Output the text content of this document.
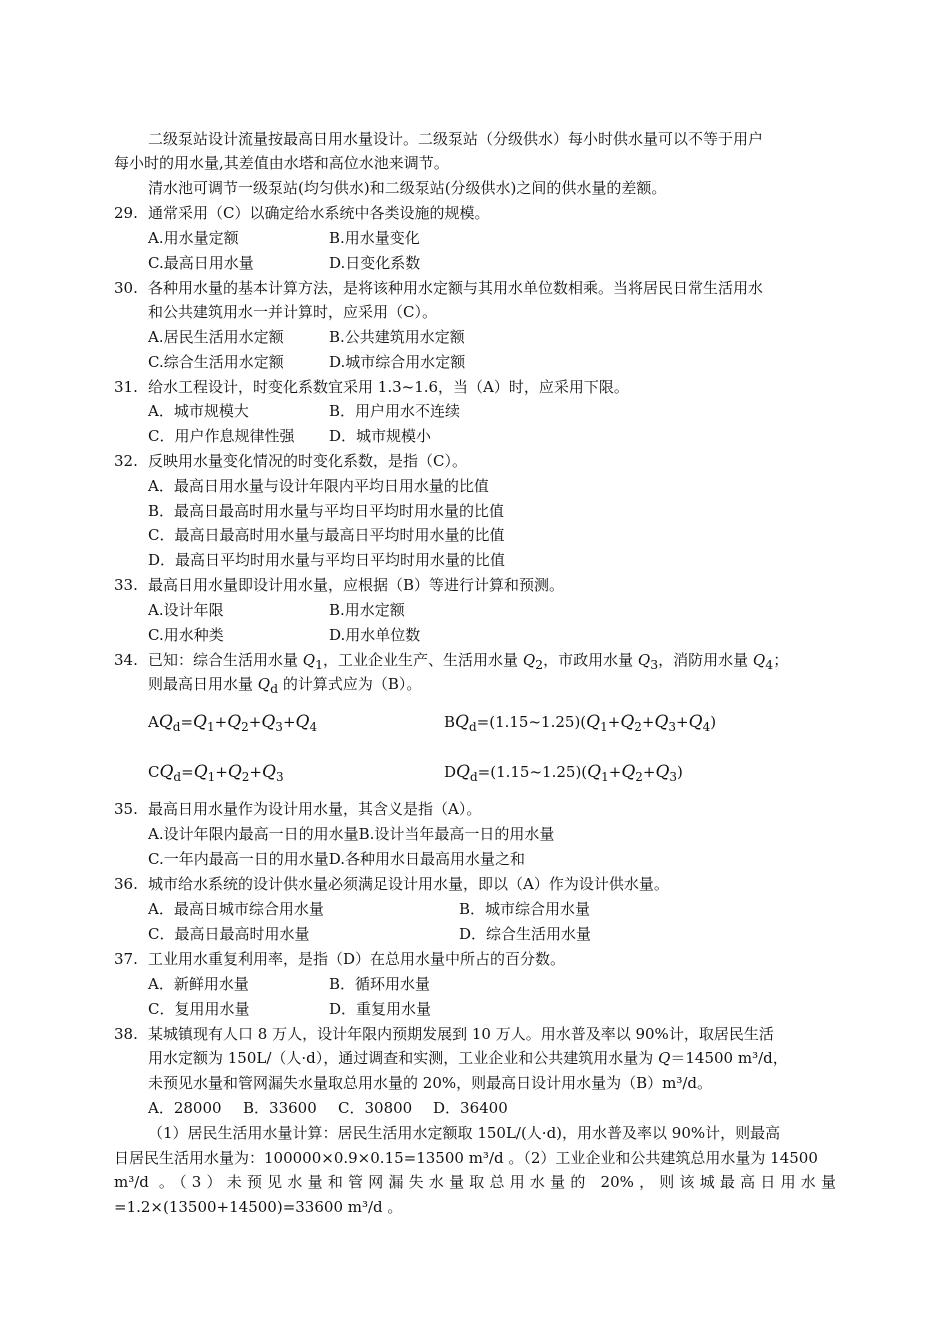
二级泵站设计流量按最高日用水量设计。二级泵站（分级供水）每小时供水量可以不等于用户
每小时的用水量,其差值由水塔和高位水池来调节。
清水池可调节一级泵站(均匀供水)和二级泵站(分级供水)之间的供水量的差额。
29. 通常采用（C）以确定给水系统中各类设施的规模。
A.用水量定额	B.用水量变化
C.最高日用水量	D.日变化系数
30. 各种用水量的基本计算方法，是将该种用水定额与其用水单位数相乘。当将居民日常生活用水
和公共建筑用水一并计算时，应采用（C）。
A.居民生活用水定额	B.公共建筑用水定额
C.综合生活用水定额	D.城市综合用水定额
31. 给水工程设计，时变化系数宜采用 1.3~1.6，当（A）时，应采用下限。
A．城市规模大	B．用户用水不连续
C．用户作息规律性强 D．城市规模小
32. 反映用水量变化情况的时变化系数，是指（C）。
A．最高日用水量与设计年限内平均日用水量的比值
B．最高日最高时用水量与平均日平均时用水量的比值
C．最高日最高时用水量与最高日平均时用水量的比值
D．最高日平均时用水量与平均日平均时用水量的比值
33. 最高日用水量即设计用水量，应根据（B）等进行计算和预测。
A.设计年限	B.用水定额
C.用水种类	D.用水单位数
34. 已知：综合生活用水量 $Q_1$，工业企业生产、生活用水量 $Q_2$，市政用水量 $Q_3$，消防用水量 $Q_4$；
则最高日用水量 $Q_d$ 的计算式应为（B）。
$AQ_d=Q_1+Q_2+Q_3+Q_4$	$BQ_d=(1.15\sim 1.25)(Q_1+Q_2+Q_3+Q_4)$
$CQ_d=Q_1+Q_2+Q_3$	$DQ_d=(1.15\sim 1.25)(Q_1+Q_2+Q_3)$
35. 最高日用水量作为设计用水量，其含义是指（A）。
A.设计年限内最高一日的用水量B.设计当年最高一日的用水量
C.一年内最高一日的用水量D.各种用水日最高用水量之和
36. 城市给水系统的设计供水量必须满足设计用水量，即以（A）作为设计供水量。
A．最高日城市综合用水量	B．城市综合用水量
C．最高日最高时用水量	D．综合生活用水量
37. 工业用水重复利用率，是指（D）在总用水量中所占的百分数。
A．新鲜用水量	B．循环用水量
C．复用用水量	D．重复用水量
38. 某城镇现有人口 8 万人，设计年限内预期发展到 10 万人。用水普及率以 90%计，取居民生活
用水定额为 150L/（人·d），通过调查和实测，工业企业和公共建筑用水量为 Q＝14500 m³/d，
未预见水量和管网漏失水量取总用水量的 20%，则最高日设计用水量为（B）m³/d。
A．28000 B．33600 C．30800 D．36400
（1）居民生活用水量计算：居民生活用水定额取 150L/(人·d)，用水普及率以 90%计，则最高
日居民生活用水量为：100000×0.9×0.15=13500 m³/d 。（2）工业企业和公共建筑总用水量为 14500
m³/d 。（3）未预见水量和管网漏失水量取总用水量的 20%，则该城最高日用水量
=1.2×(13500+14500)=33600 m³/d 。
